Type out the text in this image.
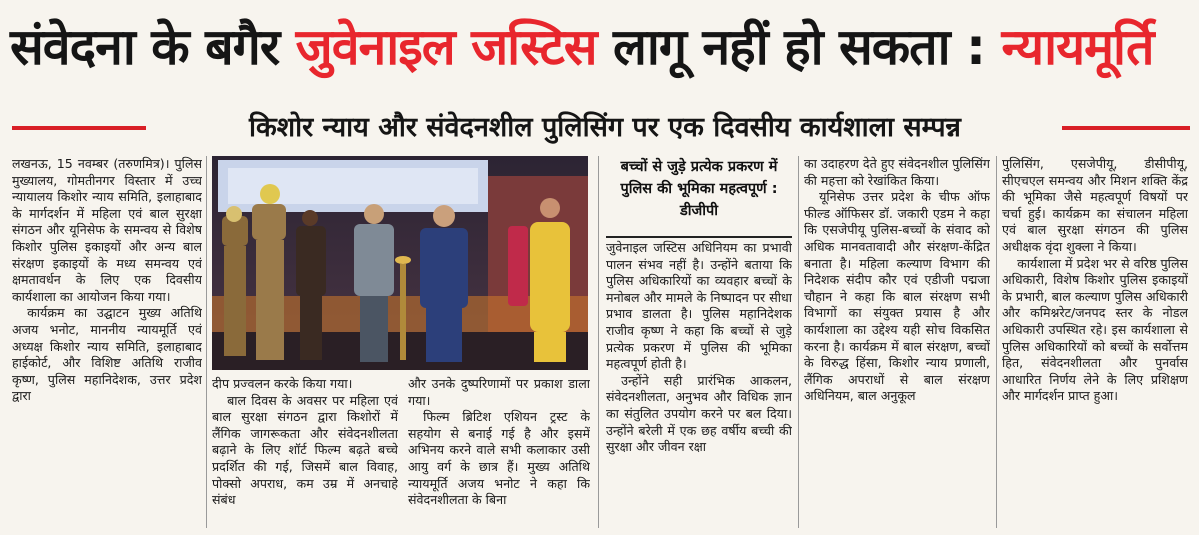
संवेदना के बगैर जुवेनाइल जस्टिस लागू नहीं हो सकता : न्यायमूर्ति
किशोर न्याय और संवेदनशील पुलिसिंग पर एक दिवसीय कार्यशाला सम्पन्न

लखनऊ, 15 नवम्बर (तरुणमित्र)। पुलिस मुख्यालय, गोमतीनगर विस्तार में उच्च न्यायालय किशोर न्याय समिति, इलाहाबाद के मार्गदर्शन में महिला एवं बाल सुरक्षा संगठन और यूनिसेफ के समन्वय से विशेष किशोर पुलिस इकाइयों और अन्य बाल संरक्षण इकाइयों के मध्य समन्वय एवं क्षमतावर्धन के लिए एक दिवसीय कार्यशाला का आयोजन किया गया।

कार्यक्रम का उद्घाटन मुख्य अतिथि अजय भनोट, माननीय न्यायमूर्ति एवं अध्यक्ष किशोर न्याय समिति, इलाहाबाद हाईकोर्ट, और विशिष्ट अतिथि राजीव कृष्ण, पुलिस महानिदेशक, उत्तर प्रदेश द्वारा

दीप प्रज्वलन करके किया गया।

बाल दिवस के अवसर पर महिला एवं बाल सुरक्षा संगठन द्वारा किशोरों में लैंगिक जागरूकता और संवेदनशीलता बढ़ाने के लिए शॉर्ट फिल्म बढ़ते बच्चे प्रदर्शित की गई, जिसमें बाल विवाह, पोक्सो अपराध, कम उम्र में अनचाहे संबंध

और उनके दुष्परिणामों पर प्रकाश डाला गया।

फिल्म ब्रिटिश एशियन ट्रस्ट के सहयोग से बनाई गई है और इसमें अभिनय करने वाले सभी कलाकार उसी आयु वर्ग के छात्र हैं। मुख्य अतिथि न्यायमूर्ति अजय भनोट ने कहा कि संवेदनशीलता के बिना

बच्चों से जुड़े प्रत्येक प्रकरण में पुलिस की भूमिका महत्वपूर्ण : डीजीपी

जुवेनाइल जस्टिस अधिनियम का प्रभावी पालन संभव नहीं है। उन्होंने बताया कि पुलिस अधिकारियों का व्यवहार बच्चों के मनोबल और मामले के निष्पादन पर सीधा प्रभाव डालता है। पुलिस महानिदेशक राजीव कृष्ण ने कहा कि बच्चों से जुड़े प्रत्येक प्रकरण में पुलिस की भूमिका महत्वपूर्ण होती है।

उन्होंने सही प्रारंभिक आकलन, संवेदनशीलता, अनुभव और विधिक ज्ञान का संतुलित उपयोग करने पर बल दिया। उन्होंने बरेली में एक छह वर्षीय बच्ची की सुरक्षा और जीवन रक्षा

का उदाहरण देते हुए संवेदनशील पुलिसिंग की महत्ता को रेखांकित किया।

यूनिसेफ उत्तर प्रदेश के चीफ ऑफ फील्ड ऑफिसर डॉ. जकारी एडम ने कहा कि एसजेपीयू पुलिस-बच्चों के संवाद को अधिक मानवतावादी और संरक्षण-केंद्रित बनाता है। महिला कल्याण विभाग की निदेशक संदीप कौर एवं एडीजी पद्मजा चौहान ने कहा कि बाल संरक्षण सभी विभागों का संयुक्त प्रयास है और कार्यशाला का उद्देश्य यही सोच विकसित करना है। कार्यक्रम में बाल संरक्षण, बच्चों के विरुद्ध हिंसा, किशोर न्याय प्रणाली, लैंगिक अपराधों से बाल संरक्षण अधिनियम, बाल अनुकूल

पुलिसिंग, एसजेपीयू, डीसीपीयू, सीएचएल समन्वय और मिशन शक्ति केंद्र की भूमिका जैसे महत्वपूर्ण विषयों पर चर्चा हुई। कार्यक्रम का संचालन महिला एवं बाल सुरक्षा संगठन की पुलिस अधीक्षक वृंदा शुक्ला ने किया।

कार्यशाला में प्रदेश भर से वरिष्ठ पुलिस अधिकारी, विशेष किशोर पुलिस इकाइयों के प्रभारी, बाल कल्याण पुलिस अधिकारी और कमिश्नरेट/जनपद स्तर के नोडल अधिकारी उपस्थित रहे। इस कार्यशाला से पुलिस अधिकारियों को बच्चों के सर्वोत्तम हित, संवेदनशीलता और पुनर्वास आधारित निर्णय लेने के लिए प्रशिक्षण और मार्गदर्शन प्राप्त हुआ।
